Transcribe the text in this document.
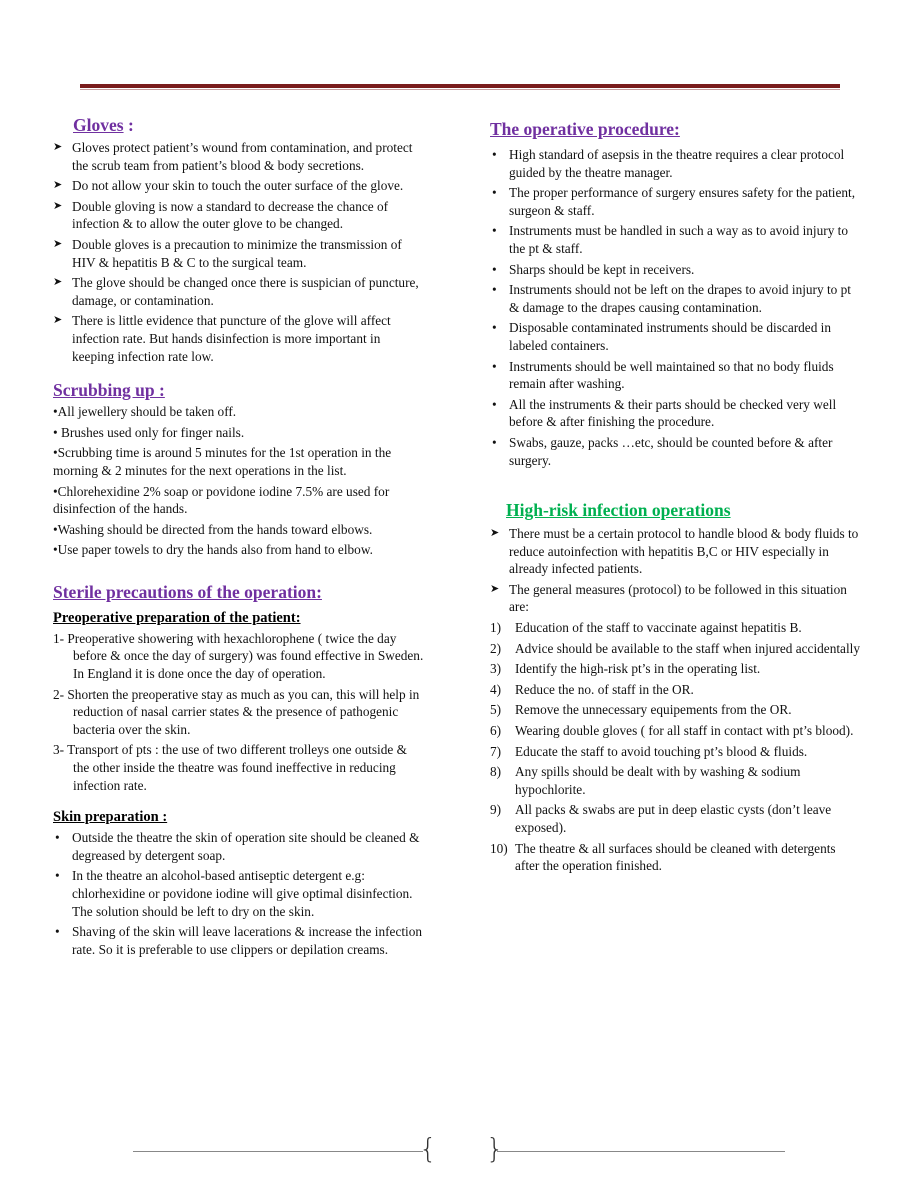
Gloves :
➤ Gloves protect patient’s wound from contamination, and protect the scrub team from patient’s blood & body secretions.
➤ Do not allow your skin to touch the outer surface of the glove.
➤ Double gloving is now a standard to decrease the chance of infection & to allow the outer glove to be changed.
➤ Double gloves is a precaution to minimize the transmission of HIV & hepatitis B & C to the surgical team.
➤ The glove should be changed once there is suspician of puncture, damage, or contamination.
➤ There is little evidence that puncture of the glove will affect infection rate. But hands disinfection is more important in keeping infection rate low.
Scrubbing up :

•All jewellery should be taken off.

• Brushes used only for finger nails.

•Scrubbing time is around 5 minutes for the 1st operation in the morning & 2 minutes for the next operations in the list.

•Chlorehexidine 2% soap or povidone iodine 7.5% are used for disinfection of the hands.

•Washing should be directed from the hands toward elbows.

•Use paper towels to dry the hands also from hand to elbow.

Sterile precautions of the operation:
Preoperative preparation of the patient:

1- Preoperative showering with hexachlorophene ( twice the day before & once the day of surgery) was found effective in Sweden. In England it is done once the day of operation.

2- Shorten the preoperative stay as much as you can, this will help in reduction of nasal carrier states & the presence of pathogenic bacteria over the skin.

3- Transport of pts : the use of two different trolleys one outside & the other inside the theatre was found ineffective in reducing infection rate.

Skin preparation :
• Outside the theatre the skin of operation site should be cleaned & degreased by detergent soap.
• In the theatre an alcohol-based antiseptic detergent e.g: chlorhexidine or povidone iodine will give optimal disinfection. The solution should be left to dry on the skin.
• Shaving of the skin will leave lacerations & increase the infection rate. So it is preferable to use clippers or depilation creams.
The operative procedure:
• High standard of asepsis in the theatre requires a clear protocol guided by the theatre manager.
• The proper performance of surgery ensures safety for the patient, surgeon & staff.
• Instruments must be handled in such a way as to avoid injury to the pt & staff.
• Sharps should be kept in receivers.
• Instruments should not be left on the drapes to avoid injury to pt & damage to the drapes causing contamination.
• Disposable contaminated instruments should be discarded in labeled containers.
• Instruments should be well maintained so that no body fluids remain after washing.
• All the instruments & their parts should be checked very well before & after finishing the procedure.
• Swabs, gauze, packs …etc, should be counted before & after surgery.
High-risk infection operations
➤ There must be a certain protocol to handle blood & body fluids to reduce autoinfection with hepatitis B,C or HIV especially in already infected patients.
➤ The general measures (protocol) to be followed in this situation are:
1) Education of the staff to vaccinate against hepatitis B.
2) Advice should be available to the staff when injured accidentally
3) Identify the high-risk pt’s in the operating list.
4) Reduce the no. of staff in the OR.
5) Remove the unnecessary equipements from the OR.
6) Wearing double gloves ( for all staff in contact with pt’s blood).
7) Educate the staff to avoid touching pt’s blood & fluids.
8) Any spills should be dealt with by washing & sodium hypochlorite.
9) All packs & swabs are put in deep elastic cysts (don’t leave exposed).
10) The theatre & all surfaces should be cleaned with detergents after the operation finished.
{ }
